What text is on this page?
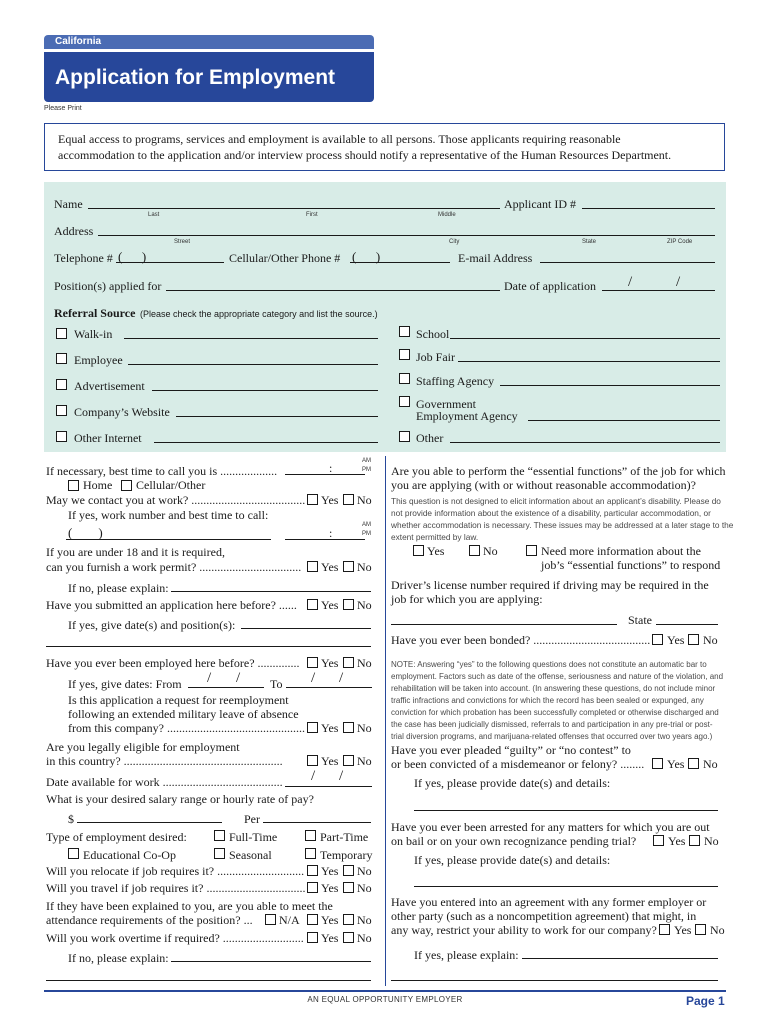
California
Application for Employment
Please Print
Equal access to programs, services and employment is available to all persons. Those applicants requiring reasonable
accommodation to the application and/or interview process should notify a representative of the Human Resources Department.
Name	Applicant ID #
Last	First	Middle
Address
Street	City	State	ZIP Code
Telephone # (      )	Cellular/Other Phone # (      )	E-mail Address
Position(s) applied for	Date of application /	/
Referral Source (Please check the appropriate category and list the source.)
Walk-in
Employee
Advertisement
Company’s Website
Other Internet
School
Job Fair
Staffing Agency
Government
Employment Agency
Other
If necessary, best time to call you is ...................	:	AM
PM
Home Cellular/Other
May we contact you at work? ...................................... Yes No
If yes, work number and best time to call:
(        )	:
AM
PM
If you are under 18 and it is required,
can you furnish a work permit? .................................. Yes No
If no, please explain:
Have you submitted an application here before? ...... Yes No
If yes, give date(s) and position(s):
Have you ever been employed here before? .............. Yes No
If yes, give dates: From / / To / /
Is this application a request for reemployment
following an extended military leave of absence
from this company? .............................................. Yes No
Are you legally eligible for employment
in this country? .....................................................	Yes No
Date available for work ........................................ / /
What is your desired salary range or hourly rate of pay?
$	Per
Type of employment desired:	Full-Time	Part-Time
Educational Co-Op	Seasonal	Temporary
Will you relocate if job requires it? ............................. Yes No
Will you travel if job requires it? ................................. Yes No
If they have been explained to you, are you able to meet the
attendance requirements of the position? ... N/A Yes No
Will you work overtime if required? ........................... Yes No
If no, please explain:
Are you able to perform the “essential functions” of the job for which
you are applying (with or without reasonable accommodation)?
This question is not designed to elicit information about an applicant’s disability. Please do
not provide information about the existence of a disability, particular accommodation, or
whether accommodation is necessary. These issues may be addressed at a later stage to the
extent permitted by law.
Yes	No	Need more information about the
job’s “essential functions” to respond
Driver’s license number required if driving may be required in the
job for which you are applying:
State
Have you ever been bonded? ....................................... Yes No
NOTE: Answering “yes” to the following questions does not constitute an automatic bar to
employment. Factors such as date of the offense, seriousness and nature of the violation, and
rehabilitation will be taken into account. (In answering these questions, do not include minor
traffic infractions and convictions for which the record has been sealed or expunged, any
conviction for which probation has been successfully completed or otherwise discharged and
the case has been judicially dismissed, referrals to and participation in any pre-trial or post-
trial diversion programs, and marijuana-related offenses that occurred over two years ago.)
Have you ever pleaded “guilty” or “no contest” to
or been convicted of a misdemeanor or felony? ........ Yes No
If yes, please provide date(s) and details:
Have you ever been arrested for any matters for which you are out
on bail or on your own recognizance pending trial?	Yes No
If yes, please provide date(s) and details:
Have you entered into an agreement with any former employer or
other party (such as a noncompetition agreement) that might, in
any way, restrict your ability to work for our company? Yes No
If yes, please explain:
AN EQUAL OPPORTUNITY EMPLOYER	Page 1
